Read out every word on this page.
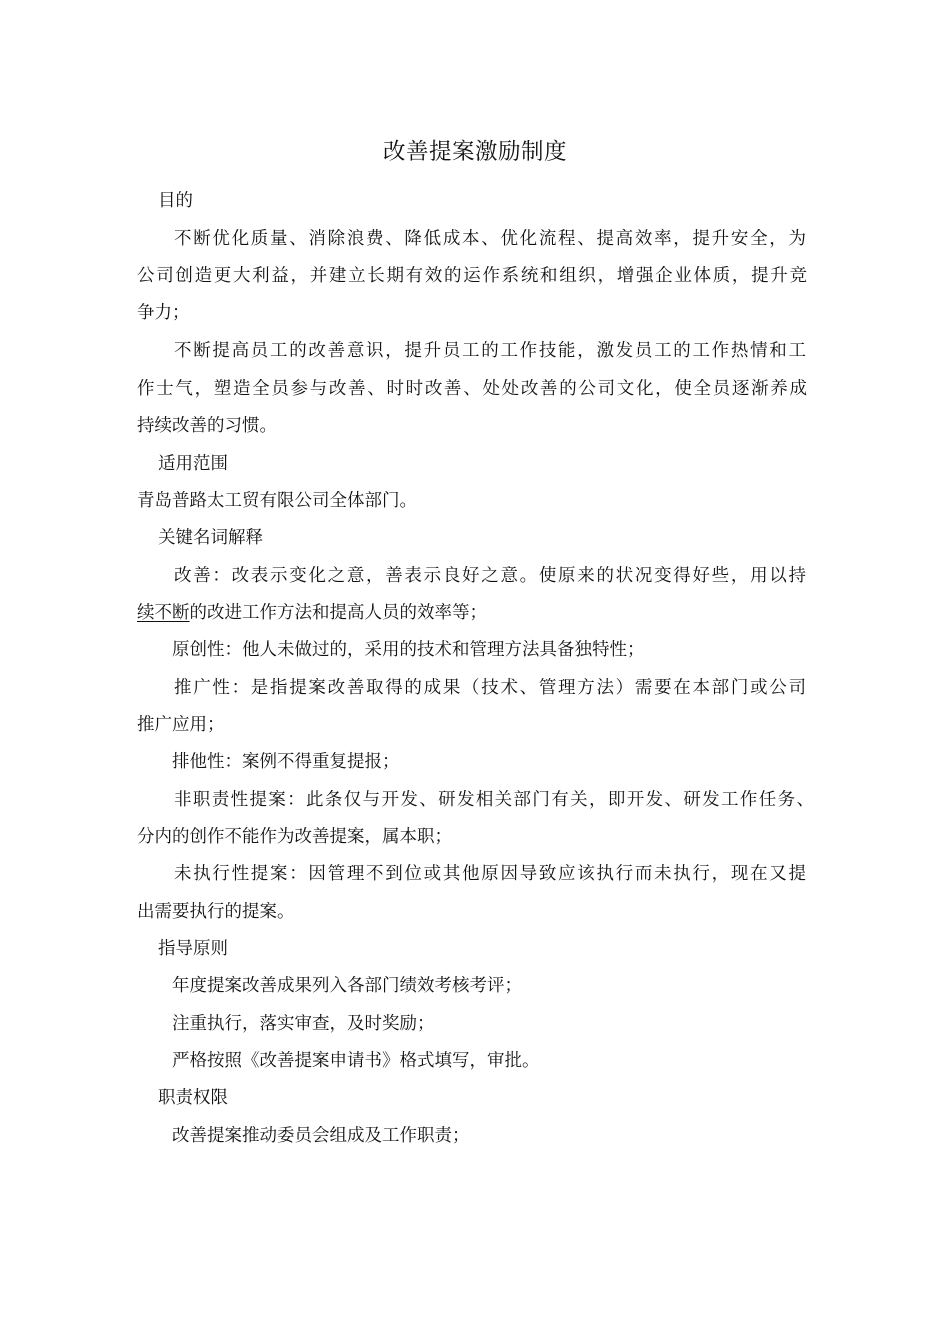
改善提案激励制度
目的
不断优化质量、消除浪费、降低成本、优化流程、提高效率，提升安全，为
公司创造更大利益，并建立长期有效的运作系统和组织，增强企业体质，提升竞
争力；
不断提高员工的改善意识，提升员工的工作技能，激发员工的工作热情和工
作士气，塑造全员参与改善、时时改善、处处改善的公司文化，使全员逐渐养成
持续改善的习惯。
适用范围
青岛普路太工贸有限公司全体部门。
关键名词解释
改善：改表示变化之意，善表示良好之意。使原来的状况变得好些，用以持
续不断的改进工作方法和提高人员的效率等；
原创性：他人未做过的，采用的技术和管理方法具备独特性；
推广性：是指提案改善取得的成果（技术、管理方法）需要在本部门或公司
推广应用；
排他性：案例不得重复提报；
非职责性提案：此条仅与开发、研发相关部门有关，即开发、研发工作任务、
分内的创作不能作为改善提案，属本职；
未执行性提案：因管理不到位或其他原因导致应该执行而未执行，现在又提
出需要执行的提案。
指导原则
年度提案改善成果列入各部门绩效考核考评；
注重执行，落实审查，及时奖励；
严格按照《改善提案申请书》格式填写，审批。
职责权限
改善提案推动委员会组成及工作职责；
